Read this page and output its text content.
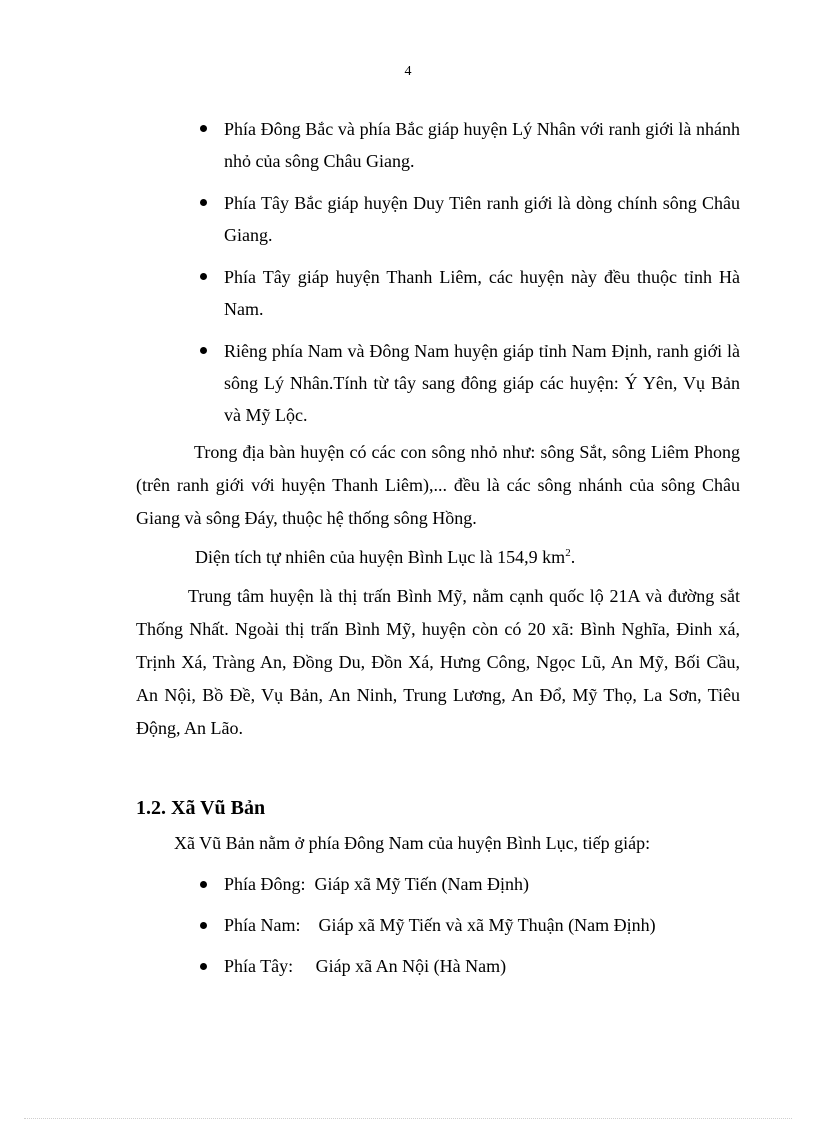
4
Phía Đông Bắc và phía Bắc giáp huyện Lý Nhân với ranh giới là nhánh nhỏ của sông Châu Giang.
Phía Tây Bắc giáp huyện Duy Tiên ranh giới là dòng chính sông Châu Giang.
Phía Tây giáp huyện Thanh Liêm, các huyện này đều thuộc tỉnh Hà Nam.
Riêng phía Nam và Đông Nam huyện giáp tỉnh Nam Định, ranh giới là sông Lý Nhân.Tính từ tây sang đông giáp các huyện: Ý Yên, Vụ Bản và Mỹ Lộc.

Trong địa bàn huyện có các con sông nhỏ như: sông Sắt, sông Liêm Phong (trên ranh giới với huyện Thanh Liêm),... đều là các sông nhánh của sông Châu Giang và sông Đáy, thuộc hệ thống sông Hồng.

Diện tích tự nhiên của huyện Bình Lục là 154,9 $km^2$.

Trung tâm huyện là thị trấn Bình Mỹ, nằm cạnh quốc lộ 21A và đường sắt Thống Nhất. Ngoài thị trấn Bình Mỹ, huyện còn có 20 xã: Bình Nghĩa, Đinh xá, Trịnh Xá, Tràng An, Đồng Du, Đồn Xá, Hưng Công, Ngọc Lũ, An Mỹ, Bối Cầu, An Nội, Bồ Đề, Vụ Bản, An Ninh, Trung Lương, An Đổ, Mỹ Thọ, La Sơn, Tiêu Động, An Lão.

1.2. Xã Vũ Bản

Xã Vũ Bản nằm ở phía Đông Nam của huyện Bình Lục, tiếp giáp:

Phía Đông:  Giáp xã Mỹ Tiến (Nam Định)
Phía Nam:    Giáp xã Mỹ Tiến và xã Mỹ Thuận (Nam Định)
Phía Tây:     Giáp xã An Nội (Hà Nam)
